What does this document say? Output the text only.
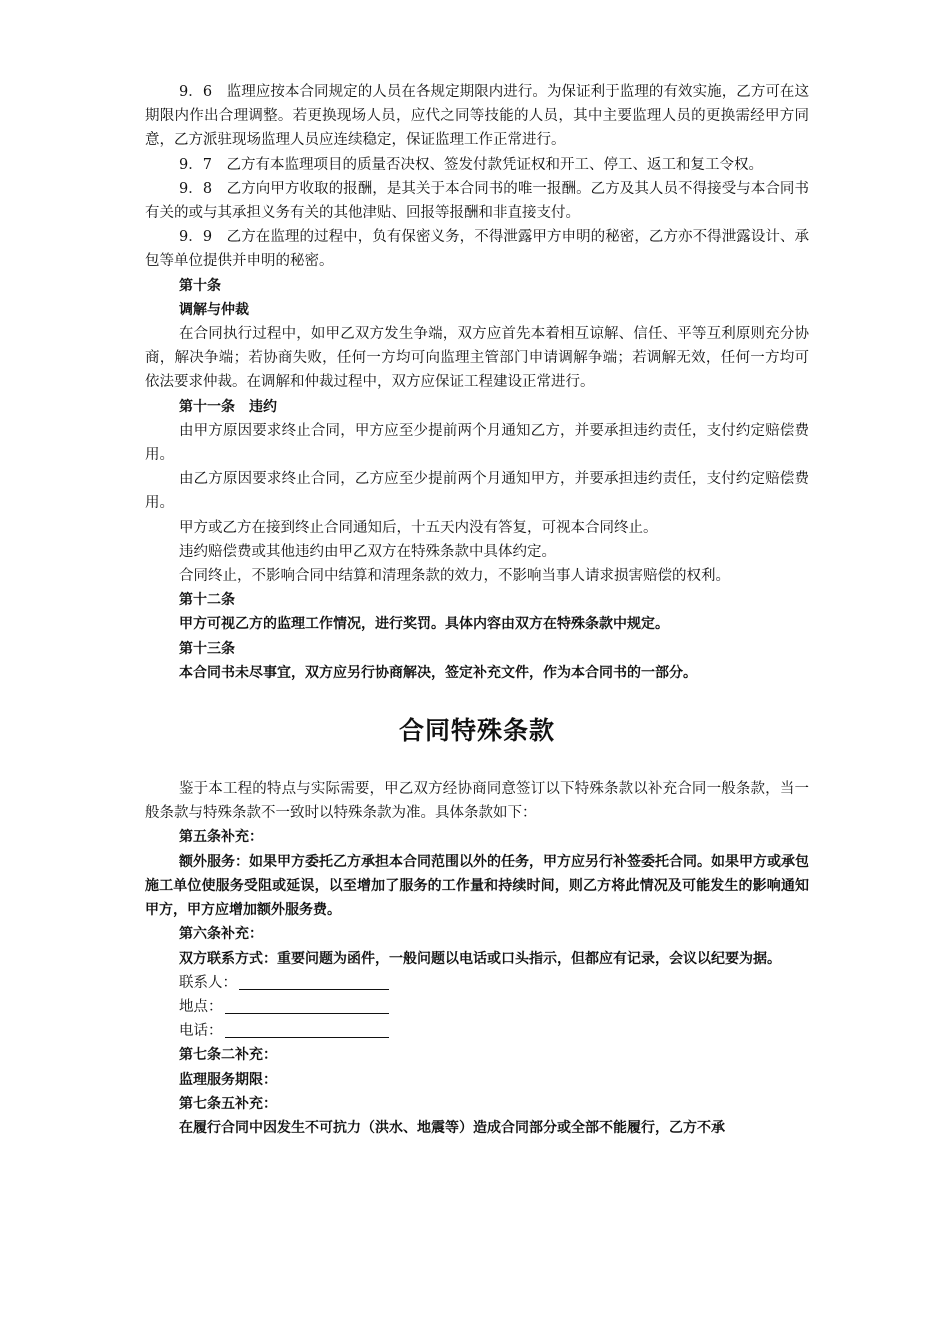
9．6　监理应按本合同规定的人员在各规定期限内进行。为保证利于监理的有效实施，乙方可在这期限内作出合理调整。若更换现场人员，应代之同等技能的人员，其中主要监理人员的更换需经甲方同意，乙方派驻现场监理人员应连续稳定，保证监理工作正常进行。

9．7　乙方有本监理项目的质量否决权、签发付款凭证权和开工、停工、返工和复工令权。

9．8　乙方向甲方收取的报酬，是其关于本合同书的唯一报酬。乙方及其人员不得接受与本合同书有关的或与其承担义务有关的其他津贴、回报等报酬和非直接支付。

9．9　乙方在监理的过程中，负有保密义务，不得泄露甲方申明的秘密，乙方亦不得泄露设计、承包等单位提供并申明的秘密。

第十条

调解与仲裁

在合同执行过程中，如甲乙双方发生争端，双方应首先本着相互谅解、信任、平等互利原则充分协商，解决争端；若协商失败，任何一方均可向监理主管部门申请调解争端；若调解无效，任何一方均可依法要求仲裁。在调解和仲裁过程中，双方应保证工程建设正常进行。

第十一条　违约

由甲方原因要求终止合同，甲方应至少提前两个月通知乙方，并要承担违约责任，支付约定赔偿费用。

由乙方原因要求终止合同，乙方应至少提前两个月通知甲方，并要承担违约责任，支付约定赔偿费用。

甲方或乙方在接到终止合同通知后，十五天内没有答复，可视本合同终止。

违约赔偿费或其他违约由甲乙双方在特殊条款中具体约定。

合同终止，不影响合同中结算和清理条款的效力，不影响当事人请求损害赔偿的权利。

第十二条

甲方可视乙方的监理工作情况，进行奖罚。具体内容由双方在特殊条款中规定。

第十三条

本合同书未尽事宜，双方应另行协商解决，签定补充文件，作为本合同书的一部分。

合同特殊条款

鉴于本工程的特点与实际需要，甲乙双方经协商同意签订以下特殊条款以补充合同一般条款，当一般条款与特殊条款不一致时以特殊条款为准。具体条款如下：

第五条补充：

额外服务：如果甲方委托乙方承担本合同范围以外的任务，甲方应另行补签委托合同。如果甲方或承包施工单位使服务受阻或延误，以至增加了服务的工作量和持续时间，则乙方将此情况及可能发生的影响通知甲方，甲方应增加额外服务费。

第六条补充：

双方联系方式：重要问题为函件，一般问题以电话或口头指示，但都应有记录，会议以纪要为据。

联系人：

地点：

电话：

第七条二补充：

监理服务期限：

第七条五补充：

在履行合同中因发生不可抗力（洪水、地震等）造成合同部分或全部不能履行，乙方不承
